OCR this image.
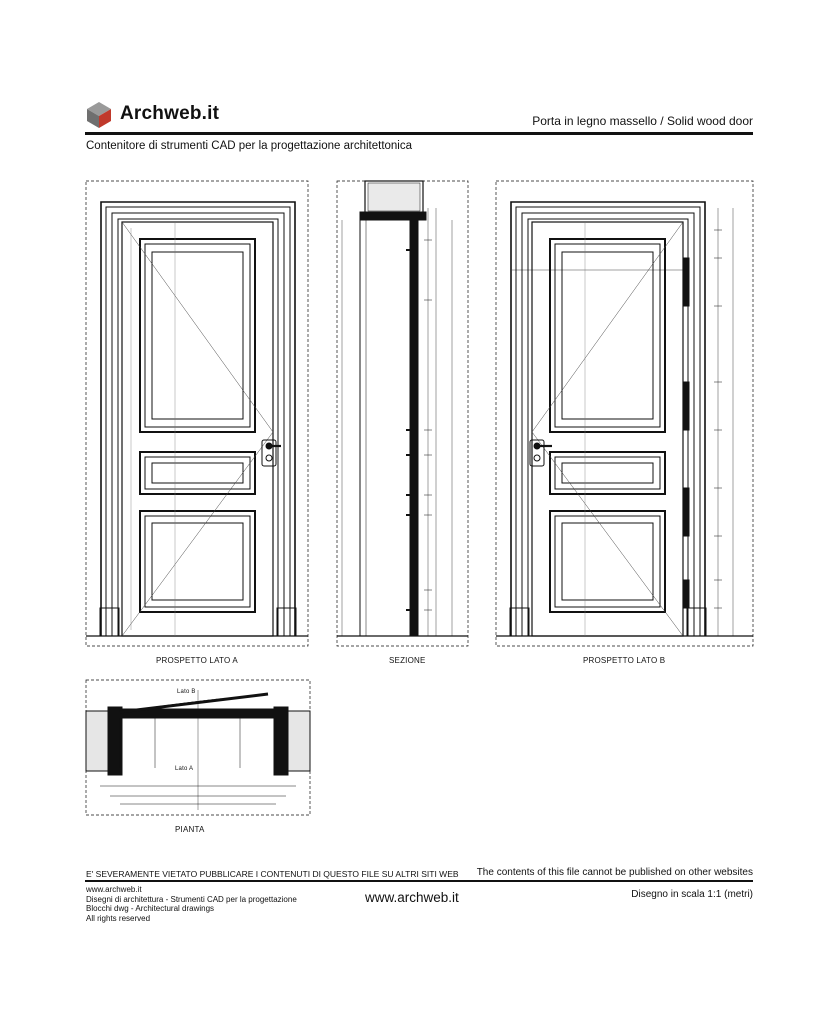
Archweb.it	Porta in legno massello / Solid wood door
Contenitore di strumenti CAD per la progettazione architettonica
PROSPETTO LATO A	SEZIONE	PROSPETTO LATO B
PIANTA
Lato B
Lato A
E' SEVERAMENTE VIETATO PUBBLICARE I CONTENUTI DI QUESTO FILE SU ALTRI SITI WEB The contents of this file cannot be published on other websites
www.archweb.it
Disegni di architettura - Strumenti CAD per la progettazione
Blocchi dwg - Architectural drawings
All rights reserved
www.archweb.it	Disegno in scala 1:1 (metri)
